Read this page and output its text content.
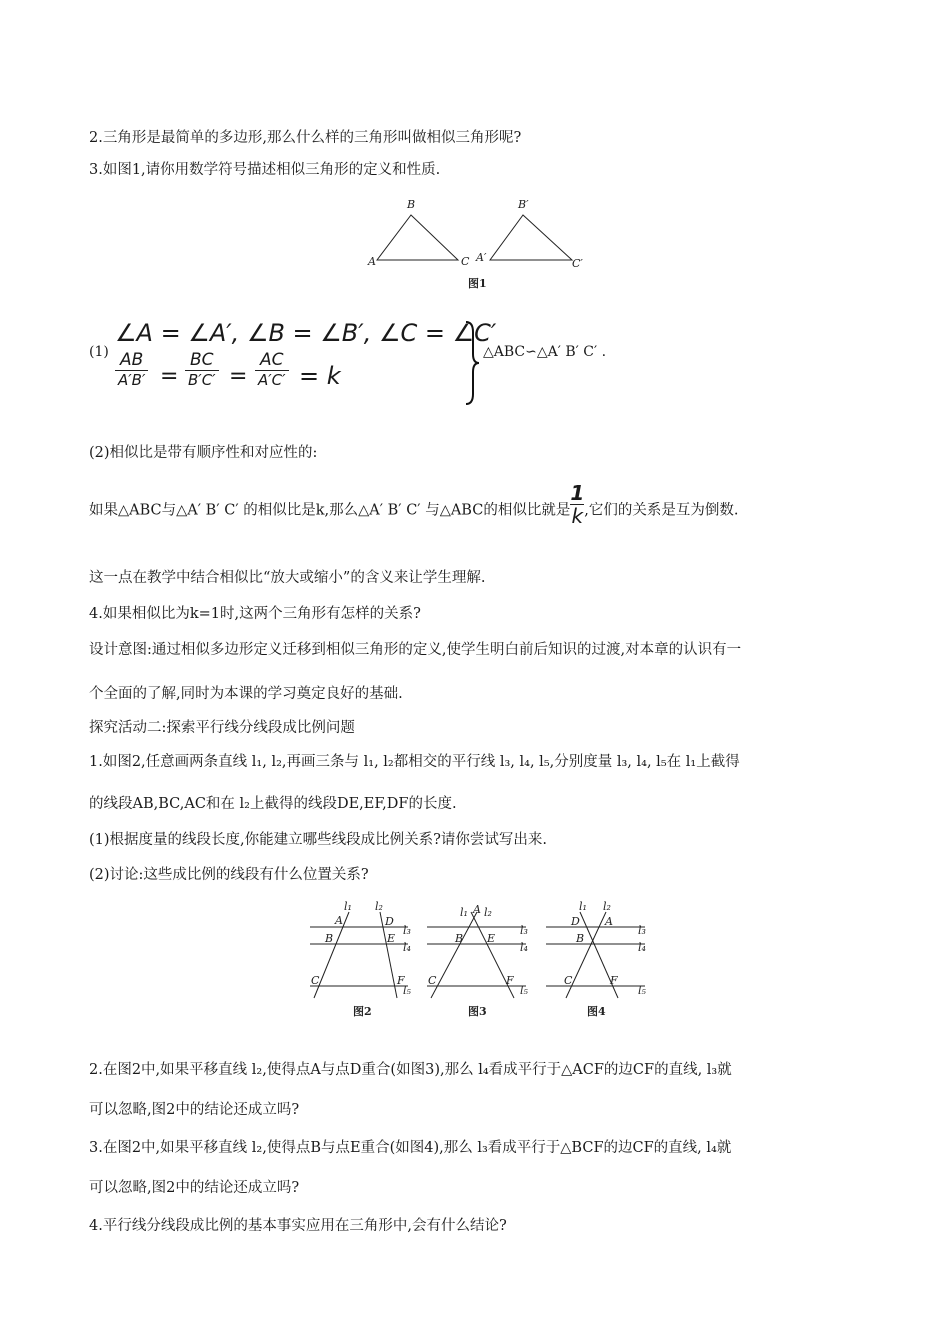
2.三角形是最简单的多边形,那么什么样的三角形叫做相似三角形呢?
3.如图1,请你用数学符号描述相似三角形的定义和性质.
B
A	C
B′
A′	C′
图1
(1)
∠A = ∠A′, ∠B = ∠B′, ∠C = ∠C′
$\frac{AB}{A'B'} = \frac{BC}{B'C'} = \frac{AC}{A'C'} = k$
△ABC∽△A′ B′ C′ .
(2)相似比是带有顺序性和对应性的:
如果△ABC与△A′ B′ C′ 的相似比是k,那么△A′ B′ C′ 与△ABC的相似比就是 $\frac{1}{k}$ ,它们的关系是互为倒数.
这一点在教学中结合相似比“放大或缩小”的含义来让学生理解.
4.如果相似比为k=1时,这两个三角形有怎样的关系?
设计意图:通过相似多边形定义迁移到相似三角形的定义,使学生明白前后知识的过渡,对本章的认识有一
个全面的了解,同时为本课的学习奠定良好的基础.
探究活动二:探索平行线分线段成比例问题
1.如图2,任意画两条直线 l₁, l₂,再画三条与 l₁, l₂都相交的平行线 l₃, l₄, l₅,分别度量 l₃, l₄, l₅在 l₁上截得
的线段AB,BC,AC和在 l₂上截得的线段DE,EF,DF的长度.
(1)根据度量的线段长度,你能建立哪些线段成比例关系?请你尝试写出来.
(2)讨论:这些成比例的线段有什么位置关系?
l₁ l₂
A	D
l₃
B	E
l₄
C	F
l₅
l₁ A l₂
l₃
B E
l₄
C	F
l₅
l₁ l₂
D A
l₃
B
l₄
C	F
l₅
图2	图3	图4
2.在图2中,如果平移直线 l₂,使得点A与点D重合(如图3),那么 l₄看成平行于△ACF的边CF的直线, l₃就
可以忽略,图2中的结论还成立吗?
3.在图2中,如果平移直线 l₂,使得点B与点E重合(如图4),那么 l₃看成平行于△BCF的边CF的直线, l₄就
可以忽略,图2中的结论还成立吗?
4.平行线分线段成比例的基本事实应用在三角形中,会有什么结论?
